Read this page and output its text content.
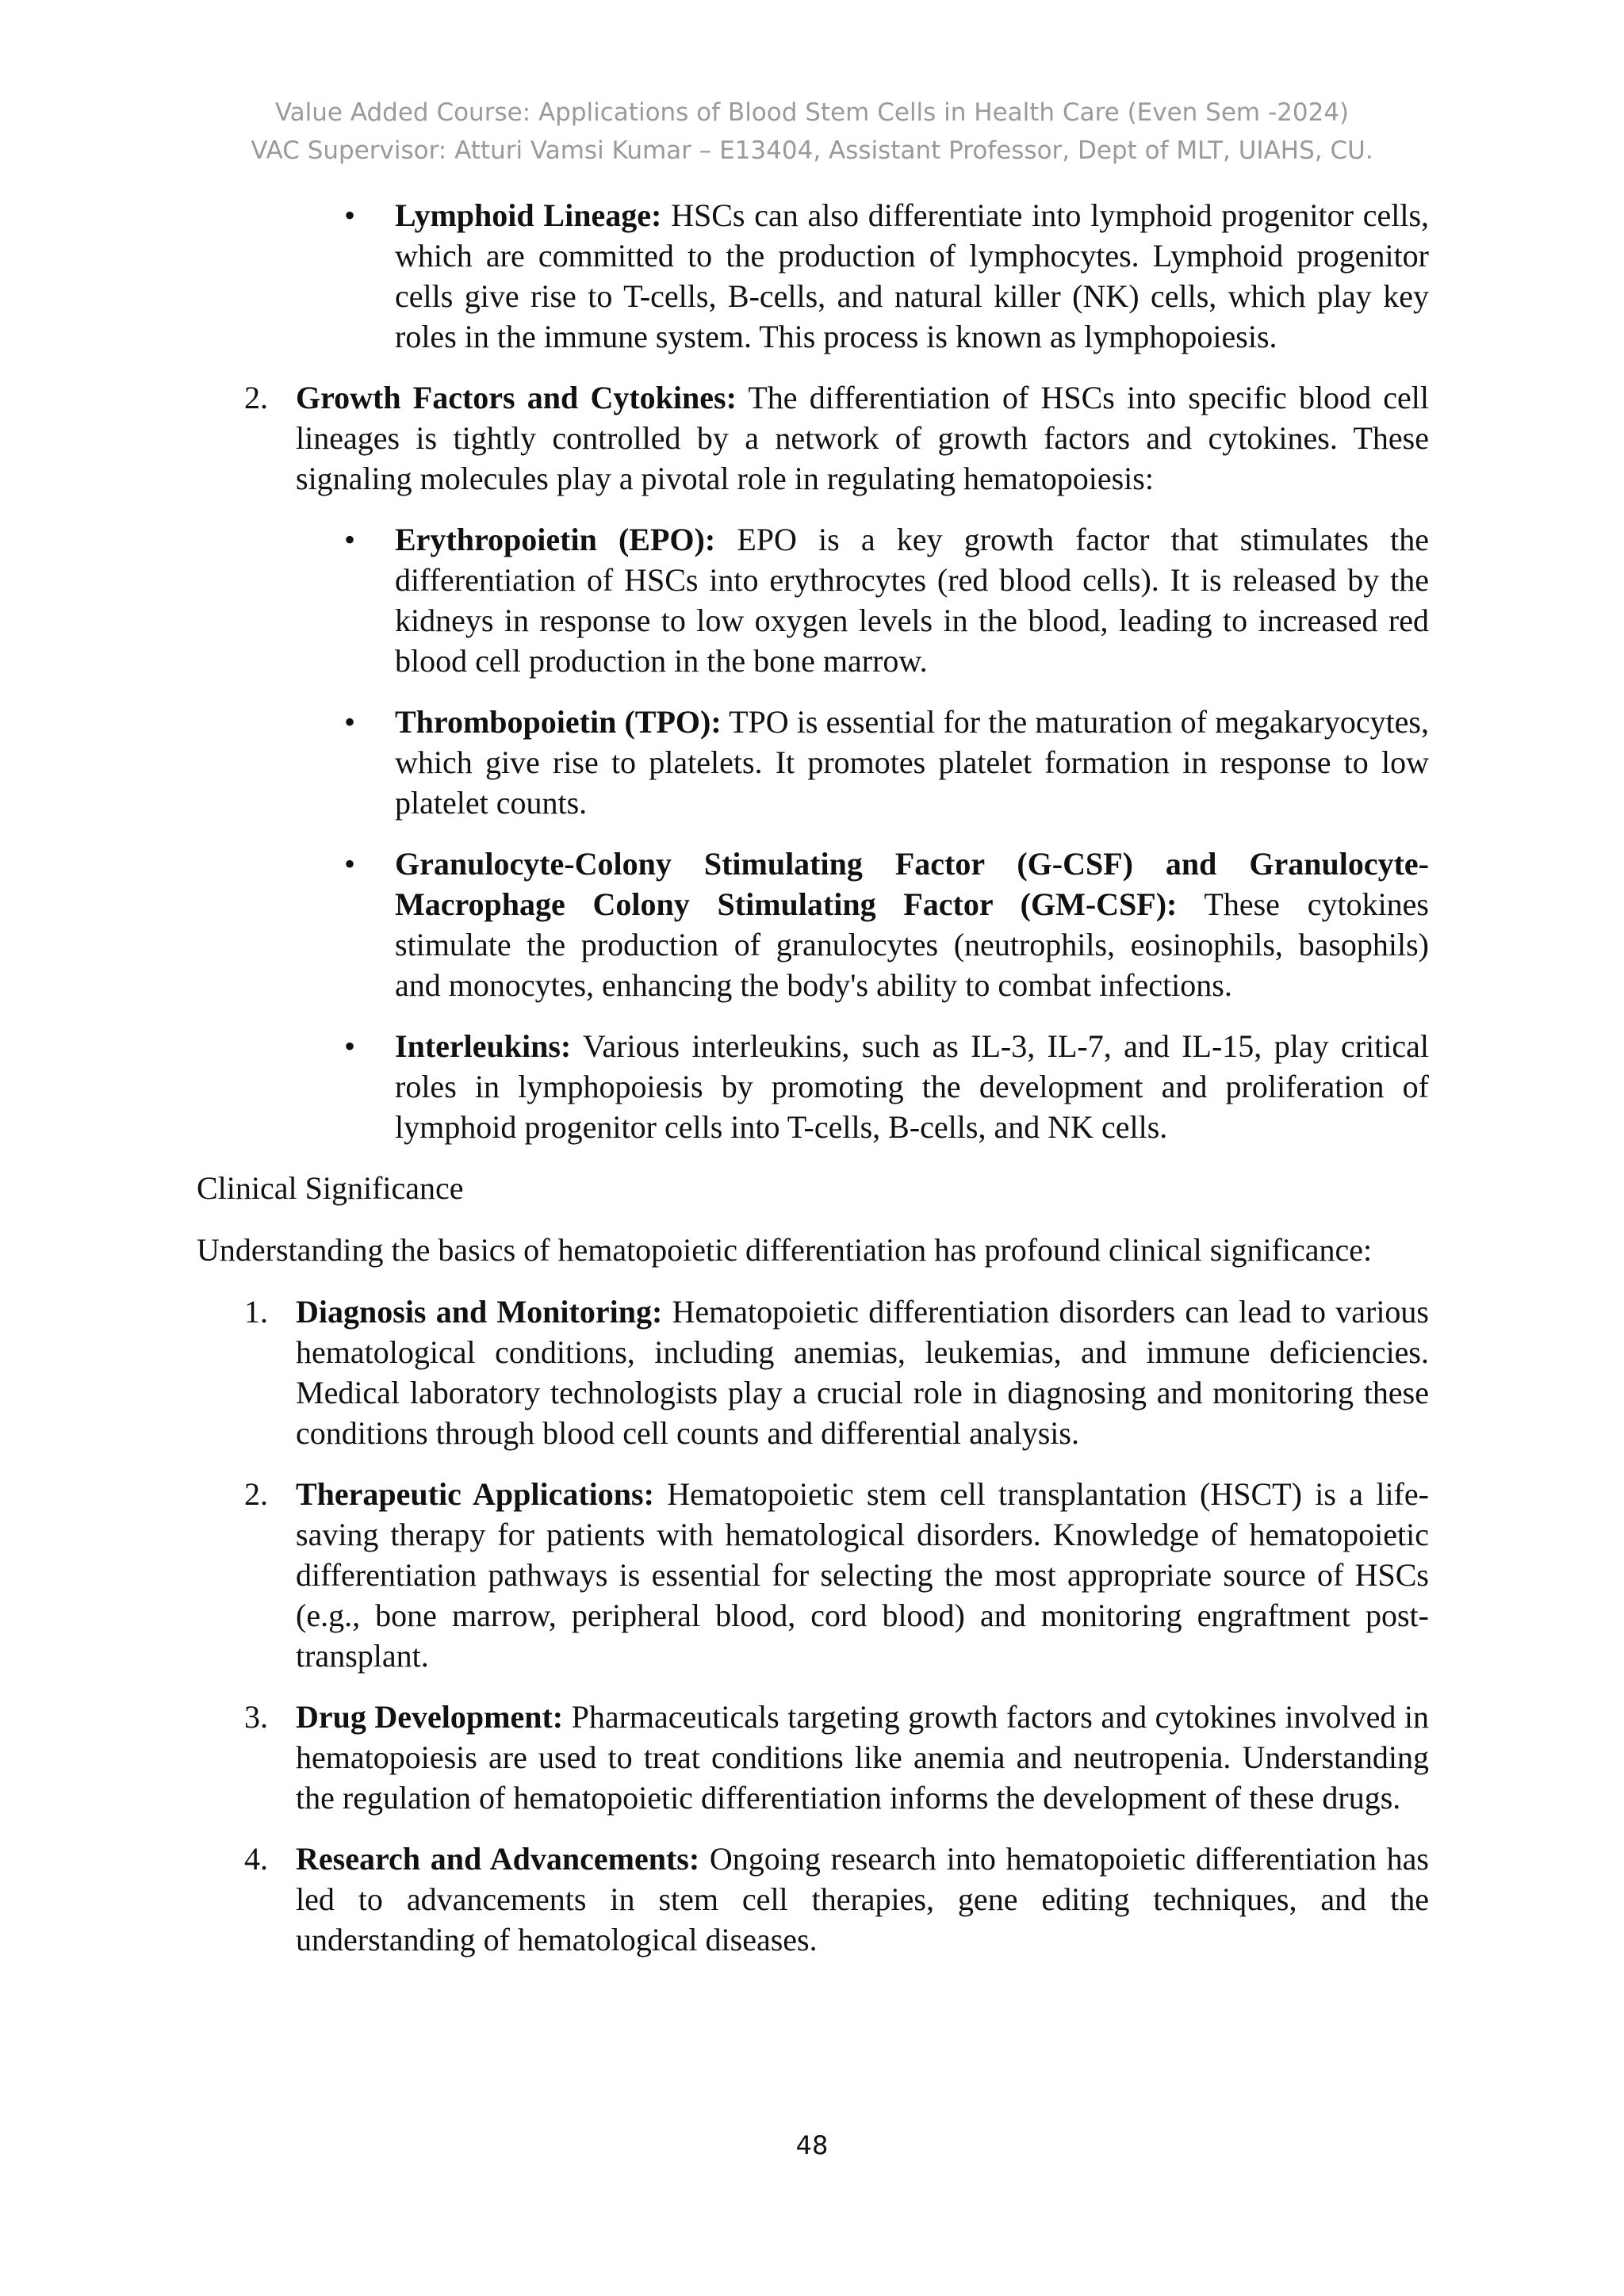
Value Added Course: Applications of Blood Stem Cells in Health Care (Even Sem -2024)
VAC Supervisor: Atturi Vamsi Kumar – E13404, Assistant Professor, Dept of MLT, UIAHS, CU.
• Lymphoid Lineage: HSCs can also differentiate into lymphoid progenitor cells, which are committed to the production of lymphocytes. Lymphoid progenitor cells give rise to T-cells, B-cells, and natural killer (NK) cells, which play key roles in the immune system. This process is known as lymphopoiesis.
2. Growth Factors and Cytokines: The differentiation of HSCs into specific blood cell lineages is tightly controlled by a network of growth factors and cytokines. These signaling molecules play a pivotal role in regulating hematopoiesis:
• Erythropoietin (EPO): EPO is a key growth factor that stimulates the differentiation of HSCs into erythrocytes (red blood cells). It is released by the kidneys in response to low oxygen levels in the blood, leading to increased red blood cell production in the bone marrow.
• Thrombopoietin (TPO): TPO is essential for the maturation of megakaryocytes, which give rise to platelets. It promotes platelet formation in response to low platelet counts.
• Granulocyte-Colony Stimulating Factor (G-CSF) and Granulocyte-Macrophage Colony Stimulating Factor (GM-CSF): These cytokines stimulate the production of granulocytes (neutrophils, eosinophils, basophils) and monocytes, enhancing the body's ability to combat infections.
• Interleukins: Various interleukins, such as IL-3, IL-7, and IL-15, play critical roles in lymphopoiesis by promoting the development and proliferation of lymphoid progenitor cells into T-cells, B-cells, and NK cells.

Clinical Significance

Understanding the basics of hematopoietic differentiation has profound clinical significance:

1. Diagnosis and Monitoring: Hematopoietic differentiation disorders can lead to various hematological conditions, including anemias, leukemias, and immune deficiencies. Medical laboratory technologists play a crucial role in diagnosing and monitoring these conditions through blood cell counts and differential analysis.
2. Therapeutic Applications: Hematopoietic stem cell transplantation (HSCT) is a life-saving therapy for patients with hematological disorders. Knowledge of hematopoietic differentiation pathways is essential for selecting the most appropriate source of HSCs (e.g., bone marrow, peripheral blood, cord blood) and monitoring engraftment post-transplant.
3. Drug Development: Pharmaceuticals targeting growth factors and cytokines involved in hematopoiesis are used to treat conditions like anemia and neutropenia. Understanding the regulation of hematopoietic differentiation informs the development of these drugs.
4. Research and Advancements: Ongoing research into hematopoietic differentiation has led to advancements in stem cell therapies, gene editing techniques, and the understanding of hematological diseases.
48
